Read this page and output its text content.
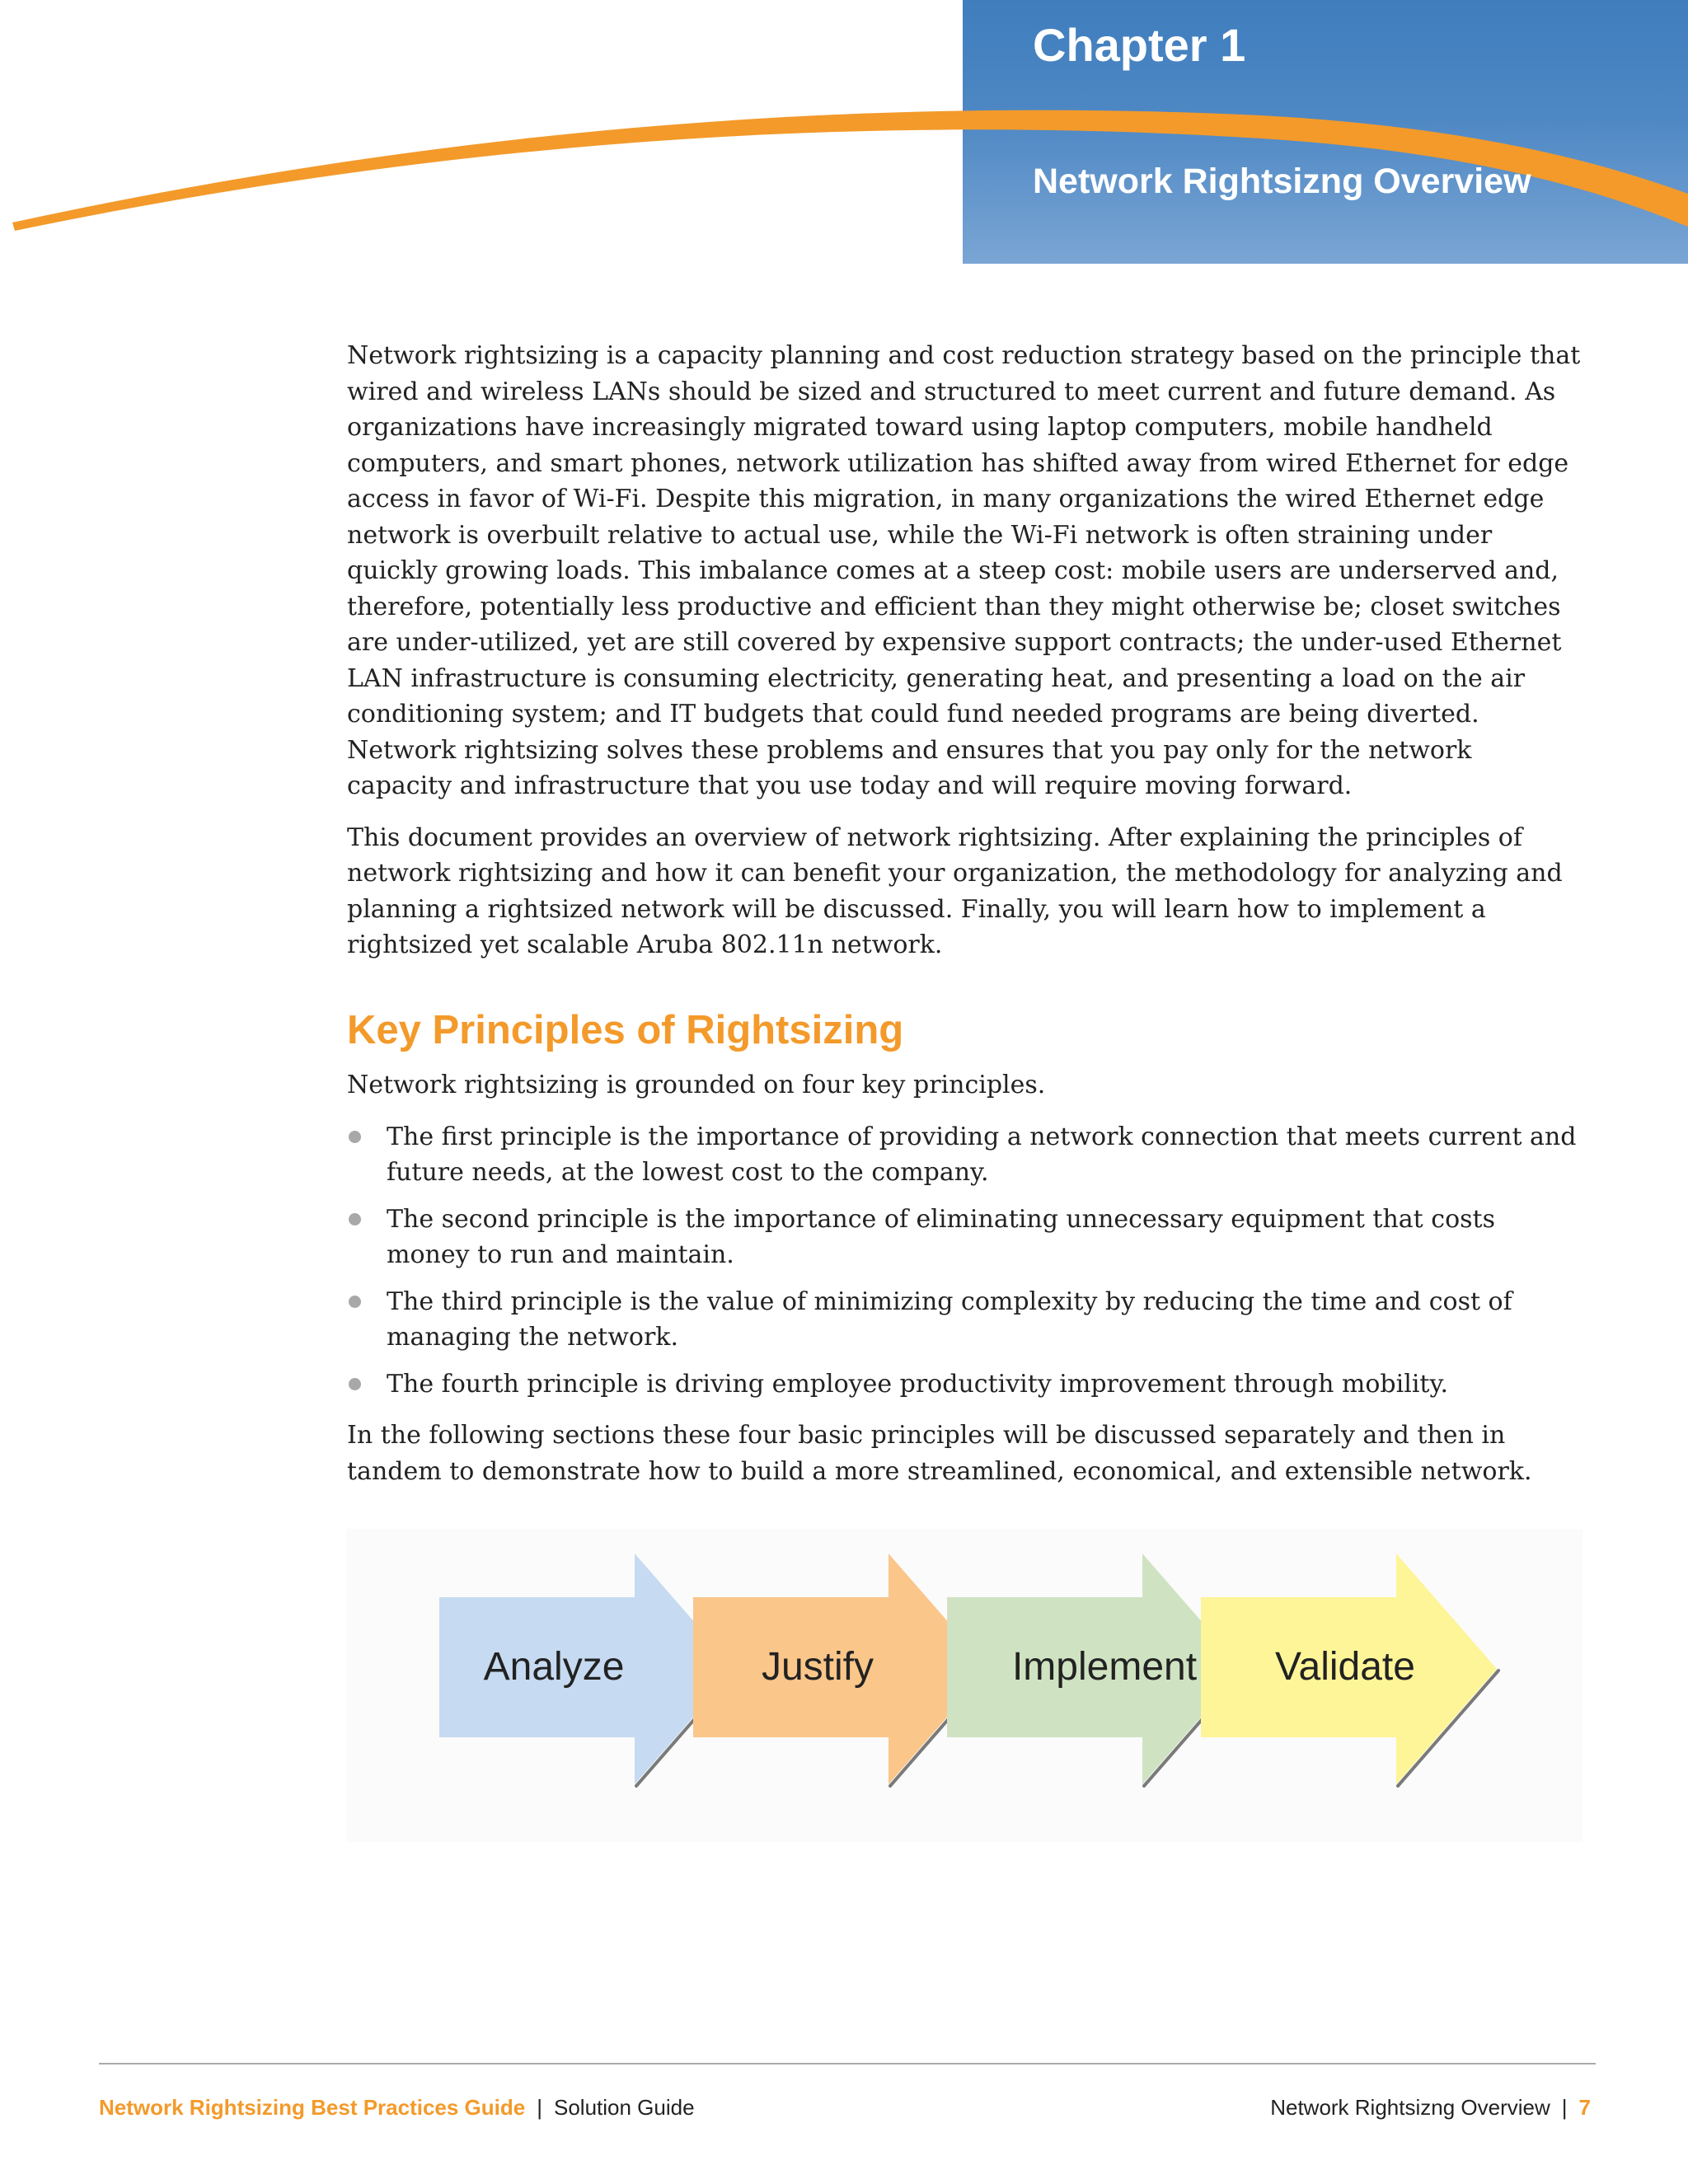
Chapter 1
Network Rightsizng Overview

Network rightsizing is a capacity planning and cost reduction strategy based on the principle that wired and wireless LANs should be sized and structured to meet current and future demand. As organizations have increasingly migrated toward using laptop computers, mobile handheld computers, and smart phones, network utilization has shifted away from wired Ethernet for edge access in favor of Wi-Fi. Despite this migration, in many organizations the wired Ethernet edge network is overbuilt relative to actual use, while the Wi-Fi network is often straining under quickly growing loads. This imbalance comes at a steep cost: mobile users are underserved and, therefore, potentially less productive and efficient than they might otherwise be; closet switches are under-utilized, yet are still covered by expensive support contracts; the under-used Ethernet LAN infrastructure is consuming electricity, generating heat, and presenting a load on the air conditioning system; and IT budgets that could fund needed programs are being diverted. Network rightsizing solves these problems and ensures that you pay only for the network capacity and infrastructure that you use today and will require moving forward.

This document provides an overview of network rightsizing. After explaining the principles of network rightsizing and how it can benefit your organization, the methodology for analyzing and planning a rightsized network will be discussed. Finally, you will learn how to implement a rightsized yet scalable Aruba 802.11n network.

Key Principles of Rightsizing

Network rightsizing is grounded on four key principles.

The first principle is the importance of providing a network connection that meets current and future needs, at the lowest cost to the company.
The second principle is the importance of eliminating unnecessary equipment that costs money to run and maintain.
The third principle is the value of minimizing complexity by reducing the time and cost of managing the network.
The fourth principle is driving employee productivity improvement through mobility.

In the following sections these four basic principles will be discussed separately and then in tandem to demonstrate how to build a more streamlined, economical, and extensible network.

Analyze	Justify	Implement Validate
Network Rightsizing Best Practices Guide | Solution Guide	Network Rightsizng Overview | 7
